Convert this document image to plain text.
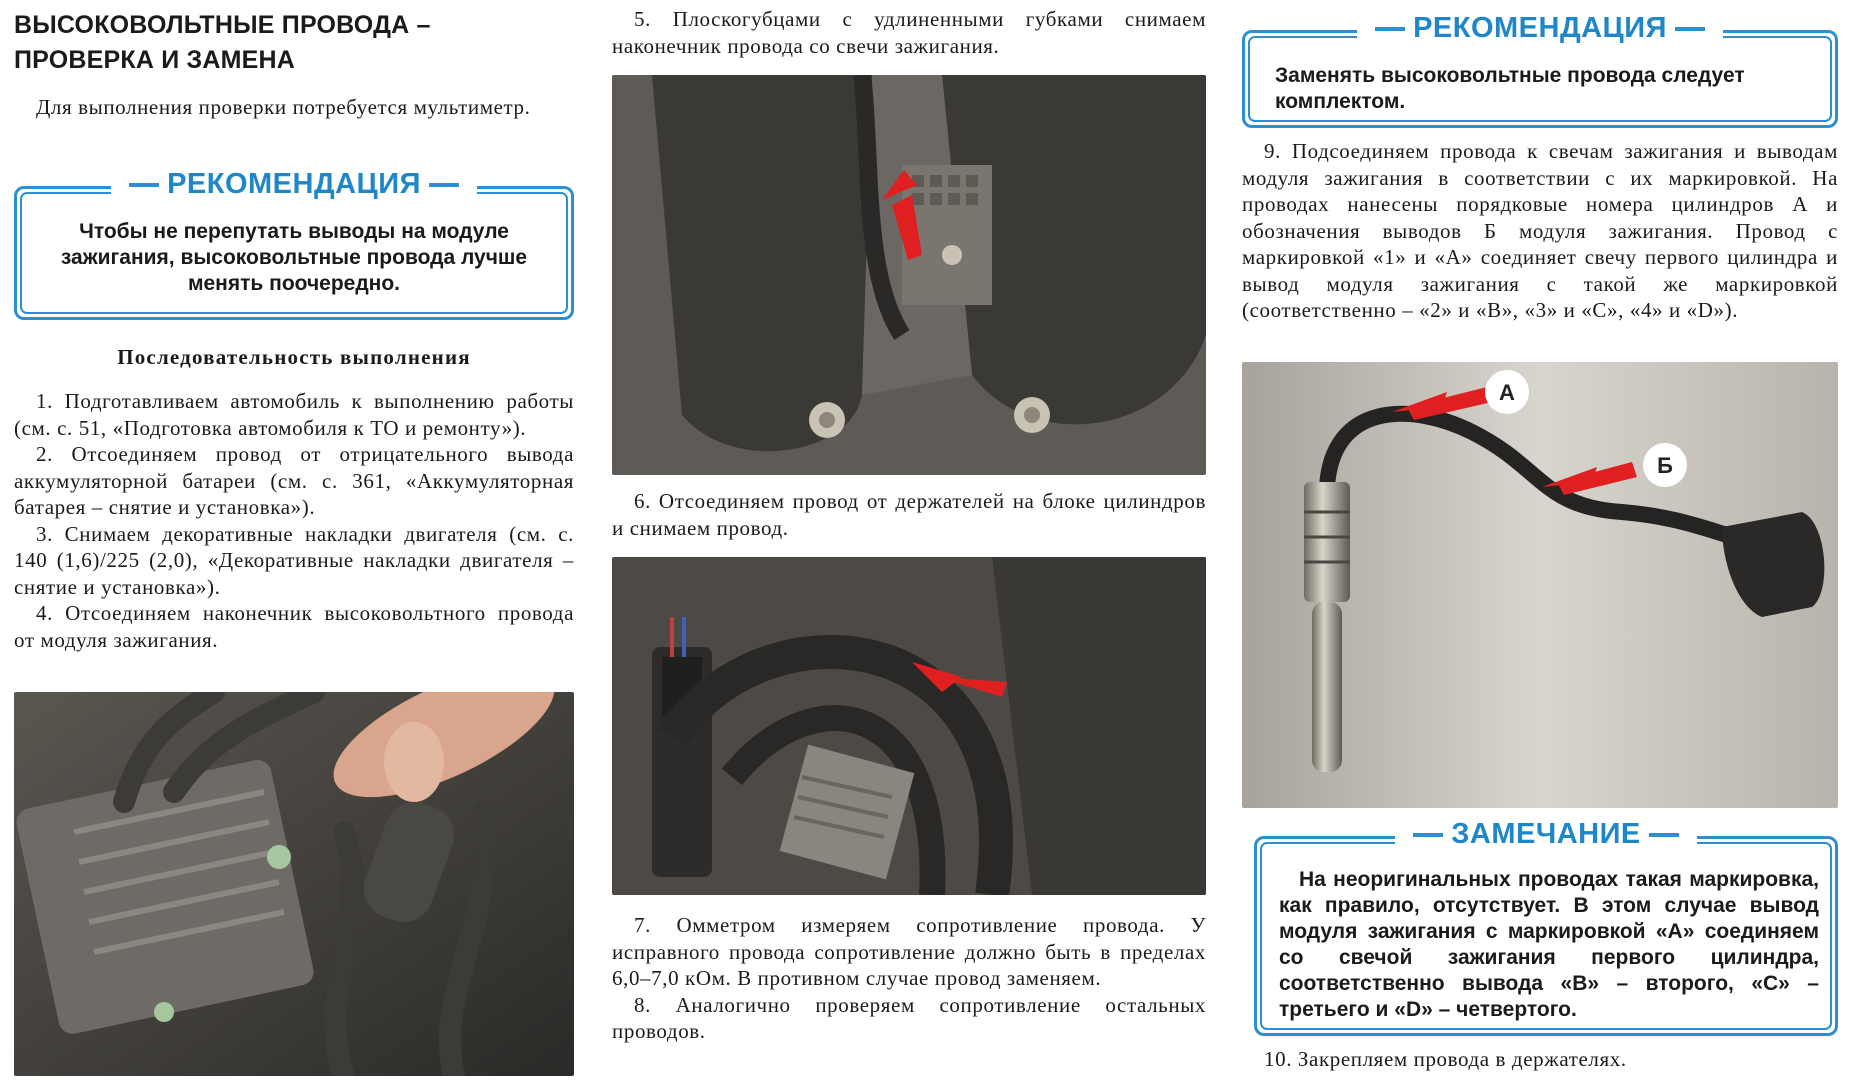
ВЫСОКОВОЛЬТНЫЕ ПРОВОДА –
ПРОВЕРКА И ЗАМЕНА

Для выполнения проверки потребуется мультиметр.

РЕКОМЕНДАЦИЯ
Чтобы не перепутать выводы на модуле зажигания, высоковольтные провода лучше менять поочередно.

Последовательность выполнения

1. Подготавливаем автомобиль к выполнению работы (см. с. 51, «Подготовка автомобиля к ТО и ремонту»).

2. Отсоединяем провод от отрицательного вывода аккумуляторной батареи (см. с. 361, «Аккумуляторная батарея – снятие и установка»).

3. Снимаем декоративные накладки двигателя (см. с. 140 (1,6)/225 (2,0), «Декоративные накладки двигателя – снятие и установка»).

4. Отсоединяем наконечник высоковольтного провода от модуля зажигания.

5. Плоскогубцами с удлиненными губками снимаем наконечник провода со свечи зажигания.

6. Отсоединяем провод от держателей на блоке цилиндров и снимаем провод.

7. Омметром измеряем сопротивление провода. У исправного провода сопротивление должно быть в пределах 6,0–7,0 кОм. В противном случае провод заменяем.

8. Аналогично проверяем сопротивление остальных проводов.

РЕКОМЕНДАЦИЯ
Заменять высоковольтные провода следует комплектом.

9. Подсоединяем провода к свечам зажигания и выводам модуля зажигания в соответствии с их маркировкой. На проводах нанесены порядковые номера цилиндров А и обозначения выводов Б модуля зажигания. Провод с маркировкой «1» и «А» соединяет свечу первого цилиндра и вывод модуля зажигания с такой же маркировкой (соответственно – «2» и «В», «3» и «С», «4» и «D»).

А
Б
ЗАМЕЧАНИЕ
На неоригинальных проводах такая маркировка, как правило, отсутствует. В этом случае вывод модуля зажигания с маркировкой «А» соединяем со свечой зажигания первого цилиндра, соответственно вывода «В» – второго, «С» – третьего и «D» – четвертого.

10. Закрепляем провода в держателях.
